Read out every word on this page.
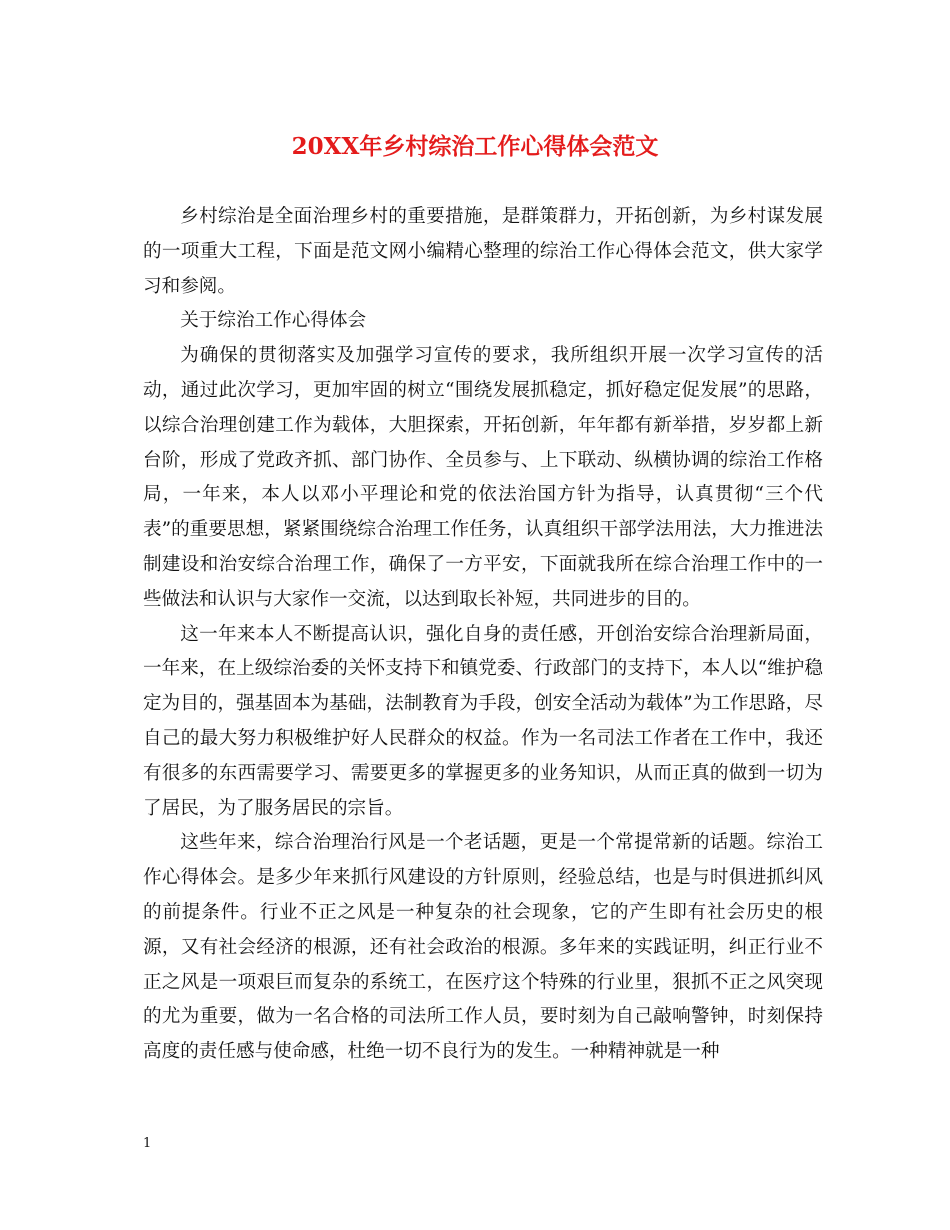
20XX年乡村综治工作心得体会范文

乡村综治是全面治理乡村的重要措施，是群策群力，开拓创新，为乡村谋发展的一项重大工程，下面是范文网小编精心整理的综治工作心得体会范文，供大家学习和参阅。

关于综治工作心得体会

为确保的贯彻落实及加强学习宣传的要求，我所组织开展一次学习宣传的活动，通过此次学习，更加牢固的树立“围绕发展抓稳定，抓好稳定促发展”的思路，以综合治理创建工作为载体，大胆探索，开拓创新，年年都有新举措，岁岁都上新台阶，形成了党政齐抓、部门协作、全员参与、上下联动、纵横协调的综治工作格局，一年来，本人以邓小平理论和党的依法治国方针为指导，认真贯彻“三个代表”的重要思想，紧紧围绕综合治理工作任务，认真组织干部学法用法，大力推进法制建设和治安综合治理工作，确保了一方平安，下面就我所在综合治理工作中的一些做法和认识与大家作一交流，以达到取长补短，共同进步的目的。

这一年来本人不断提高认识，强化自身的责任感，开创治安综合治理新局面，一年来，在上级综治委的关怀支持下和镇党委、行政部门的支持下，本人以“维护稳定为目的，强基固本为基础，法制教育为手段，创安全活动为载体”为工作思路，尽自己的最大努力积极维护好人民群众的权益。作为一名司法工作者在工作中，我还有很多的东西需要学习、需要更多的掌握更多的业务知识，从而正真的做到一切为了居民，为了服务居民的宗旨。

这些年来，综合治理治行风是一个老话题，更是一个常提常新的话题。综治工作心得体会。是多少年来抓行风建设的方针原则，经验总结，也是与时俱进抓纠风的前提条件。行业不正之风是一种复杂的社会现象，它的产生即有社会历史的根源，又有社会经济的根源，还有社会政治的根源。多年来的实践证明，纠正行业不正之风是一项艰巨而复杂的系统工，在医疗这个特殊的行业里，狠抓不正之风突现的尤为重要，做为一名合格的司法所工作人员，要时刻为自己敲响警钟，时刻保持高度的责任感与使命感，杜绝一切不良行为的发生。一种精神就是一种

1
